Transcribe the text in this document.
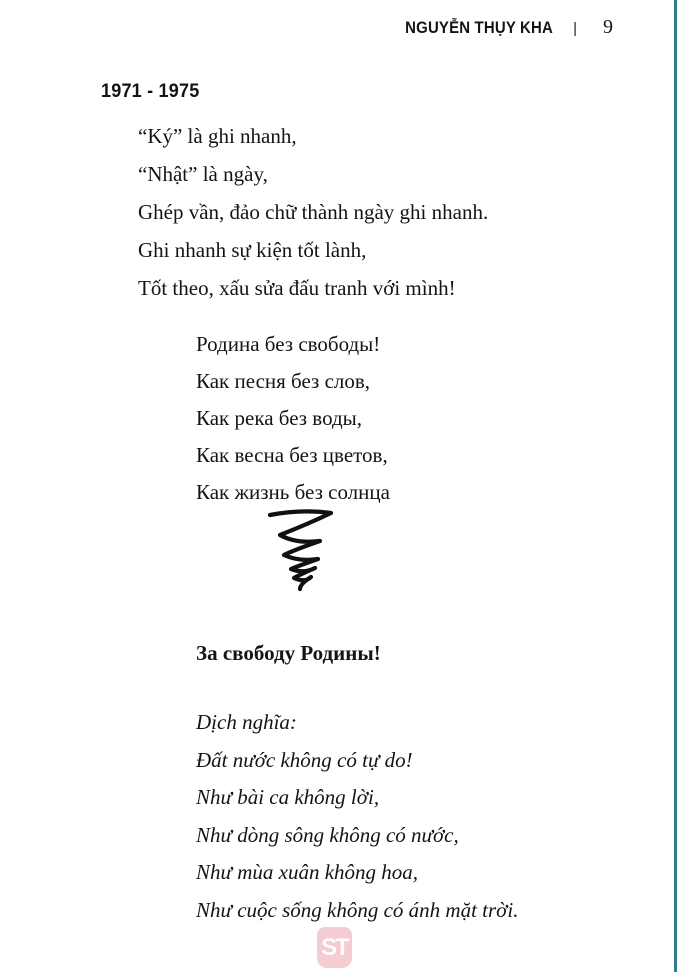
NGUYỄN THỤY KHA | 9
1971 - 1975
“Ký” là ghi nhanh,
“Nhật” là ngày,
Ghép vần, đảo chữ thành ngày ghi nhanh.
Ghi nhanh sự kiện tốt lành,
Tốt theo, xấu sửa đấu tranh với mình!
Родина без свободы!
Как песня без слов,
Как река без воды,
Как весна без цветов,
Как жизнь без солнца
За свободу Родины!
Dịch nghĩa:
Đất nước không có tự do!
Như bài ca không lời,
Như dòng sông không có nước,
Như mùa xuân không hoa,
Như cuộc sống không có ánh mặt trời.
ST
